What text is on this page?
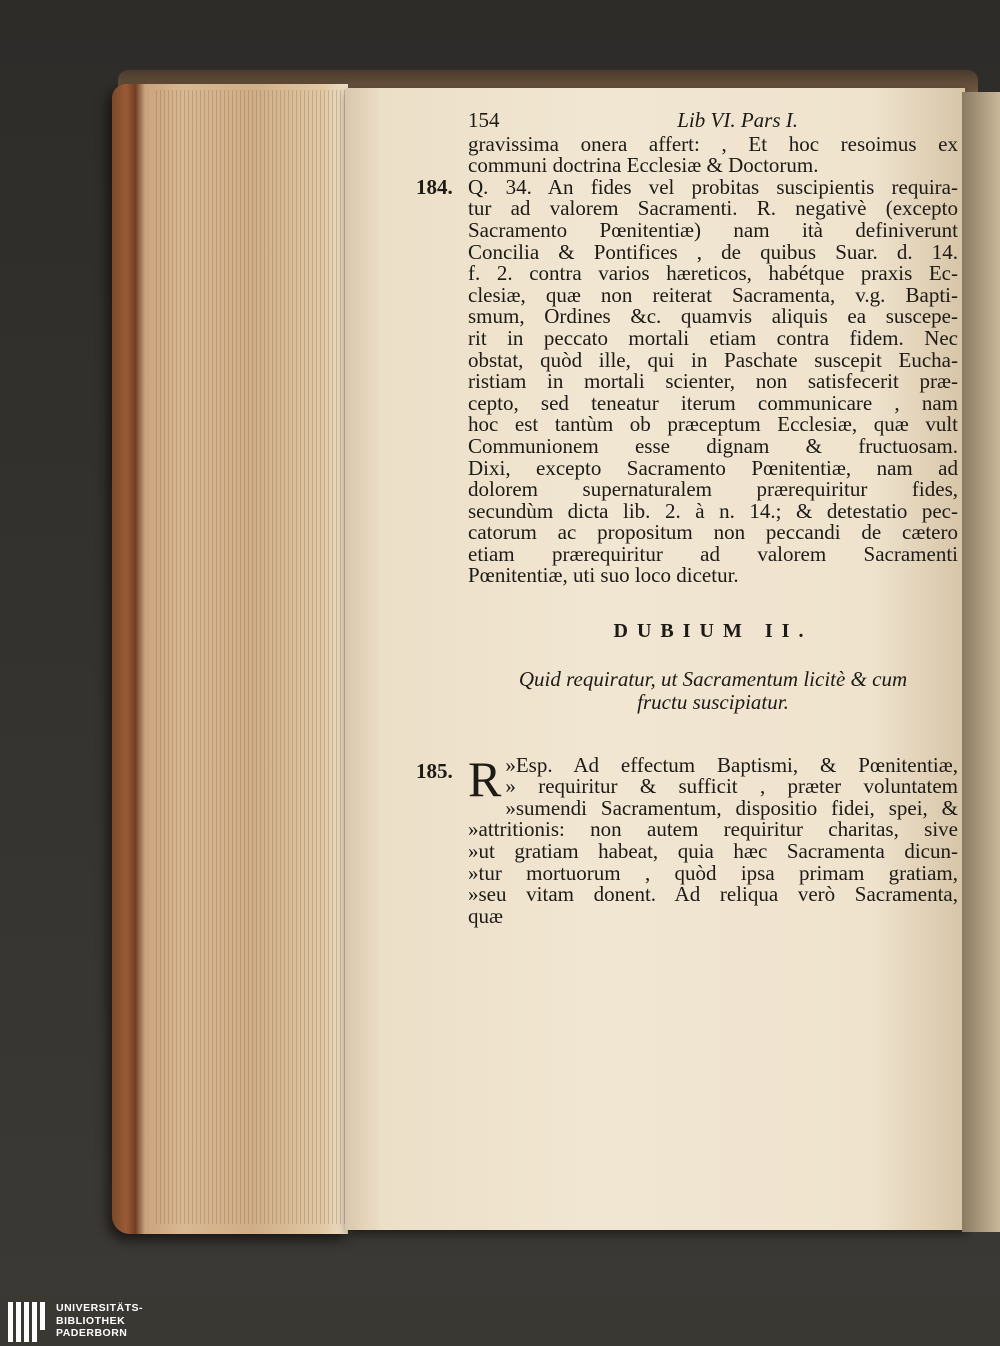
154	Lib VI. Pars I.
gravissima onera affert: , Et hoc resoimus ex
communi doctrina Ecclesiæ & Doctorum.
184. Q. 34. An fides vel probitas suscipientis requira-
tur ad valorem Sacramenti. R. negativè (excepto
Sacramento Pœnitentiæ) nam ità definiverunt
Concilia & Pontifices , de quibus Suar. d. 14.
f. 2. contra varios hæreticos, habétque praxis Ec-
clesiæ, quæ non reiterat Sacramenta, v.g. Bapti-
smum, Ordines &c. quamvis aliquis ea suscepe-
rit in peccato mortali etiam contra fidem. Nec
obstat, quòd ille, qui in Paschate suscepit Eucha-
ristiam in mortali scienter, non satisfecerit præ-
cepto, sed teneatur iterum communicare , nam
hoc est tantùm ob præceptum Ecclesiæ, quæ vult
Communionem esse dignam & fructuosam.
Dixi, excepto Sacramento Pœnitentiæ, nam ad
dolorem supernaturalem prærequiritur fides,
secundùm dicta lib. 2. à n. 14.; & detestatio pec-
catorum ac propositum non peccandi de cætero
etiam prærequiritur ad valorem Sacramenti
Pœnitentiæ, uti suo loco dicetur.
DUBIUM II.
Quid requiratur, ut Sacramentum licitè & cum
fructu suscipiatur.
185. R »Esp. Ad effectum Baptismi, & Pœnitentiæ,
» requiritur & sufficit , præter voluntatem
»sumendi Sacramentum, dispositio fidei, spei, &
»attritionis: non autem requiritur charitas, sive
»ut gratiam habeat, quia hæc Sacramenta dicun-
»tur mortuorum , quòd ipsa primam gratiam,
»seu vitam donent. Ad reliqua verò Sacramenta,
quæ
UNIVERSITÄTS-
BIBLIOTHEK
PADERBORN
